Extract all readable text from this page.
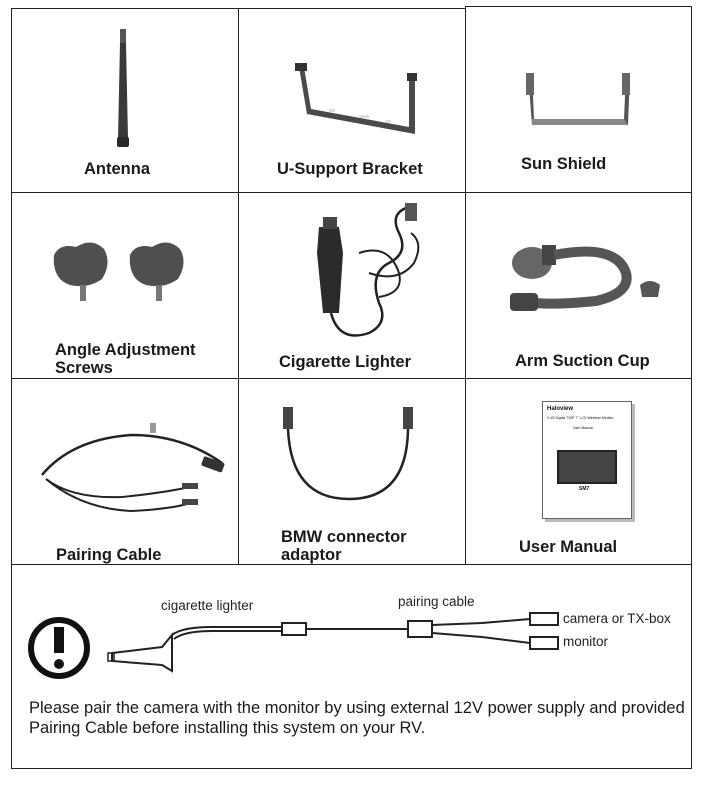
Antenna	U-Support Bracket	Sun Shield
Angle Adjustment
Screws	Cigarette Lighter	Arm Suction Cup
Pairing Cable
BMW connector
adaptor
Haloview
2.4G Digital 720P 7" LCD Wireless Monitor
User Manual
SM7
User Manual
cigarette lighter	pairing cable
camera or TX-box
monitor
Please pair the camera with the monitor by using external 12V power supply and provided Pairing Cable before installing this system on your RV.
